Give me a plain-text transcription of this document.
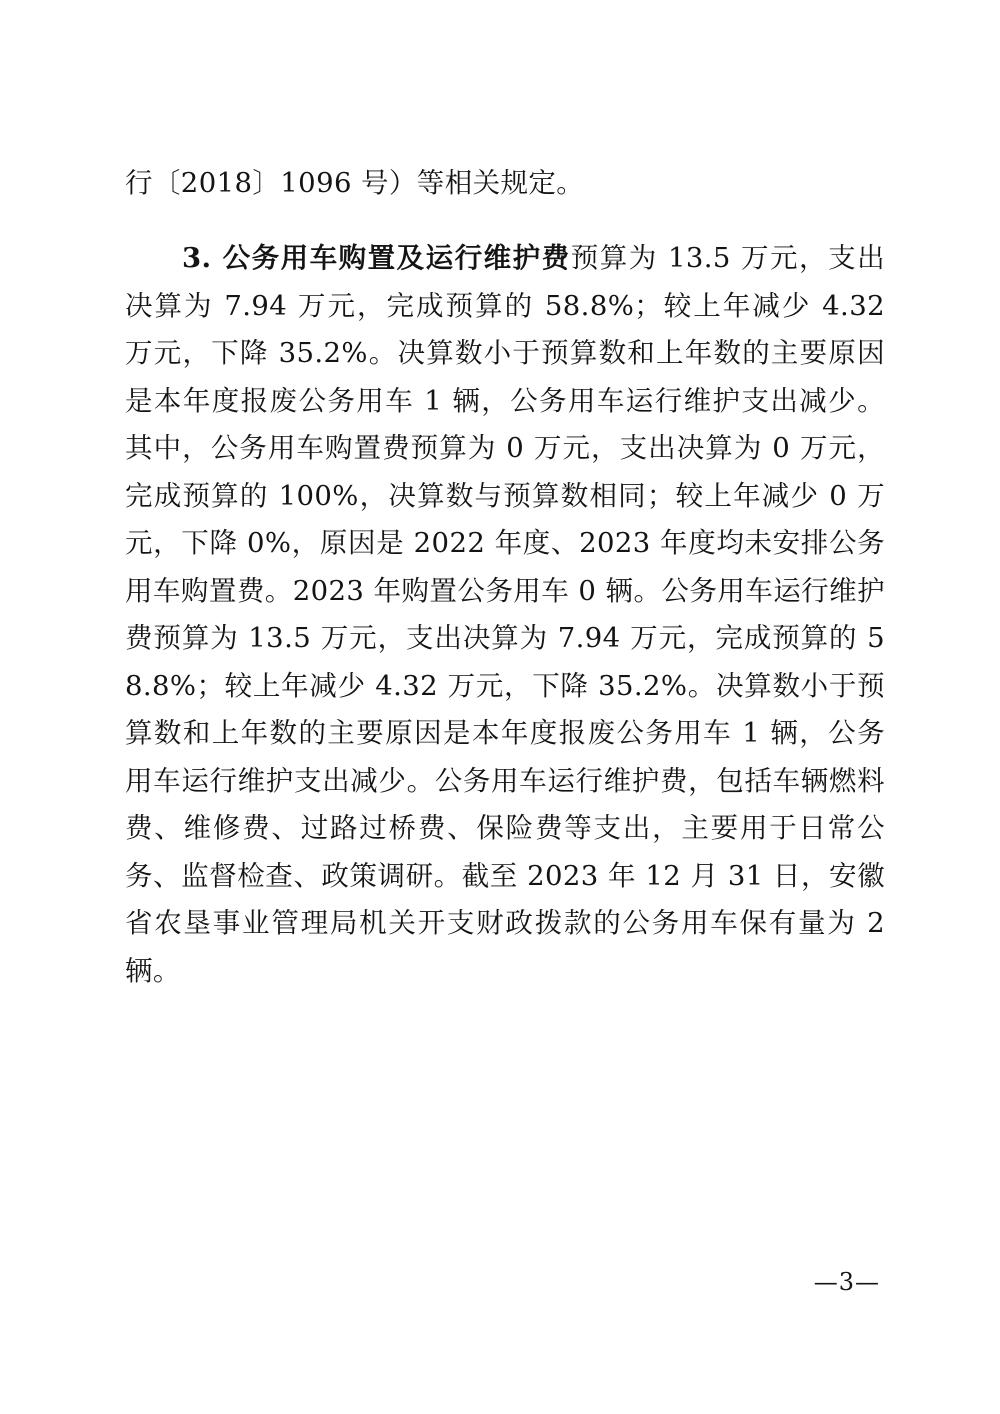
行〔2018〕1096 号）等相关规定。

3. 公务用车购置及运行维护费预算为 13.5 万元，支出决算为 7.94 万元，完成预算的 58.8%；较上年减少 4.32 万元，下降 35.2%。决算数小于预算数和上年数的主要原因是本年度报废公务用车 1 辆，公务用车运行维护支出减少。其中，公务用车购置费预算为 0 万元，支出决算为 0 万元，完成预算的 100%，决算数与预算数相同；较上年减少 0 万元，下降 0%，原因是 2022 年度、2023 年度均未安排公务用车购置费。2023 年购置公务用车 0 辆。公务用车运行维护费预算为 13.5 万元，支出决算为 7.94 万元，完成预算的 58.8%；较上年减少 4.32 万元，下降 35.2%。决算数小于预算数和上年数的主要原因是本年度报废公务用车 1 辆，公务用车运行维护支出减少。公务用车运行维护费，包括车辆燃料费、维修费、过路过桥费、保险费等支出，主要用于日常公务、监督检查、政策调研。截至 2023 年 12 月 31 日，安徽省农垦事业管理局机关开支财政拨款的公务用车保有量为 2 辆。

—3—
